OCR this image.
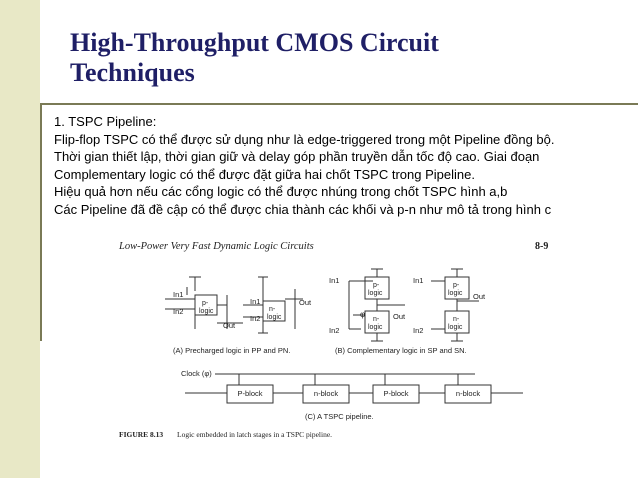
High-Throughput CMOS Circuit
Techniques
1. TSPC Pipeline:
Flip-flop TSPC có thể được sử dụng như là edge-triggered trong một Pipeline đồng bộ.
Thời gian thiết lập, thời gian giữ và delay góp phần truyền dẫn tốc độ cao. Giai đoạn
Complementary logic có thể được đặt giữa hai chốt TSPC trong Pipeline.
Hiệu quả hơn nếu các cổng logic có thể được nhúng trong chốt TSPC hình a,b
Các Pipeline đã đề cập có thể được chia thành các khối và p-n như mô tả trong hình c
Low-Power Very Fast Dynamic Logic Circuits	8-9
In1
In2
p-
logic
Out
In1
In2
n-
logic
Out
(A) Precharged logic in PP and PN.
In1
In2
φ
p-
logic
n-
logic
Out
In1
In2
p-
logic
n-
logic
Out
(B) Complementary logic in SP and SN.
Clock (φ)
P-block	n-block	P-block	n-block
(C) A TSPC pipeline.
FIGURE 8.13 Logic embedded in latch stages in a TSPC pipeline.
